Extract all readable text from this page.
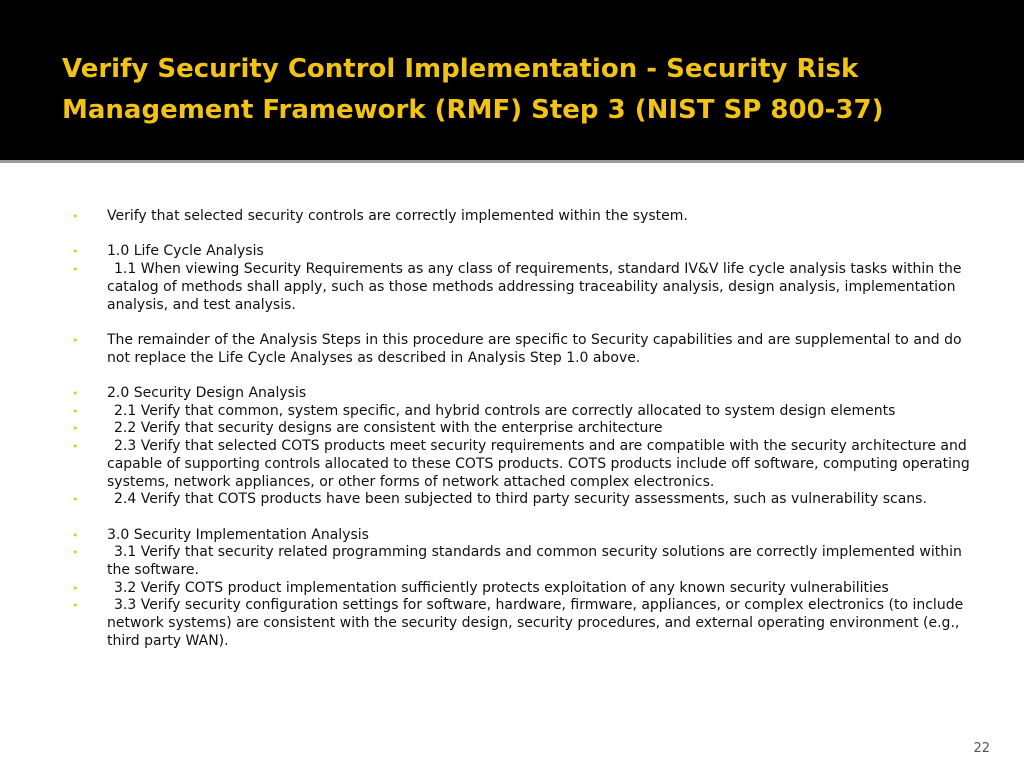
Verify Security Control Implementation - Security Risk Management Framework (RMF) Step 3 (NIST SP 800-37)
• Verify that selected security controls are correctly implemented within the system.
• 1.0 Life Cycle Analysis
•	1.1 When viewing Security Requirements as any class of requirements, standard IV&V life cycle analysis tasks within the catalog of methods shall apply, such as those methods addressing traceability analysis, design analysis, implementation analysis, and test analysis.
• The remainder of the Analysis Steps in this procedure are specific to Security capabilities and are supplemental to and do not replace the Life Cycle Analyses as described in Analysis Step 1.0 above.
• 2.0 Security Design Analysis
•	2.1 Verify that common, system specific, and hybrid controls are correctly allocated to system design elements
•	2.2 Verify that security designs are consistent with the enterprise architecture
•	2.3 Verify that selected COTS products meet security requirements and are compatible with the security architecture and capable of supporting controls allocated to these COTS products. COTS products include off software, computing operating systems, network appliances, or other forms of network attached complex electronics.
•	2.4 Verify that COTS products have been subjected to third party security assessments, such as vulnerability scans.
• 3.0 Security Implementation Analysis
•	3.1 Verify that security related programming standards and common security solutions are correctly implemented within the software.
•	3.2 Verify COTS product implementation sufficiently protects exploitation of any known security vulnerabilities
•	3.3 Verify security configuration settings for software, hardware, firmware, appliances, or complex electronics (to include network systems) are consistent with the security design, security procedures, and external operating environment (e.g., third party WAN).
22
